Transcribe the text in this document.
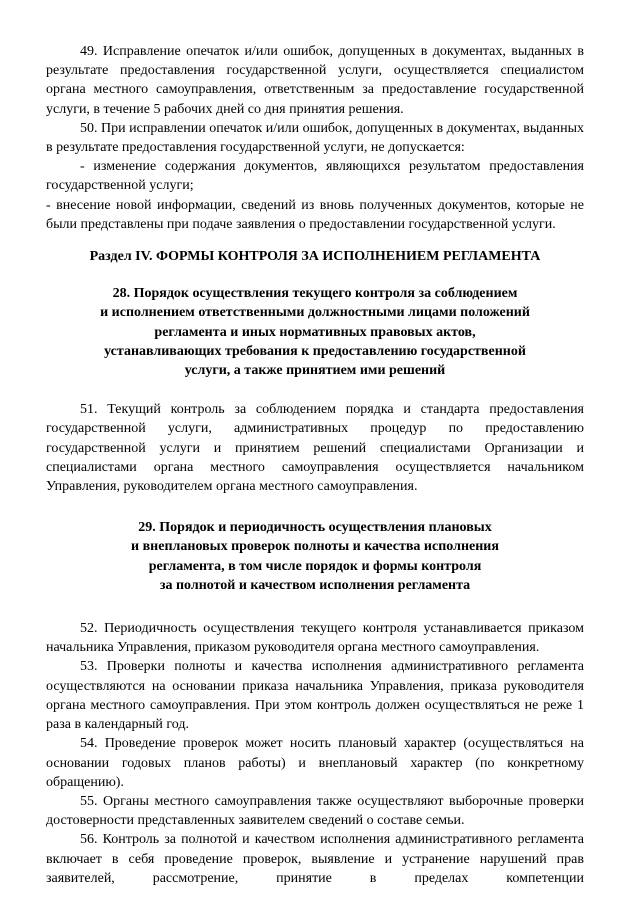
49. Исправление опечаток и/или ошибок, допущенных в документах, выданных в результате предоставления государственной услуги, осуществляется специалистом органа местного самоуправления, ответственным за предоставление государственной услуги, в течение 5 рабочих дней со дня принятия решения.

50. При исправлении опечаток и/или ошибок, допущенных в документах, выданных в результате предоставления государственной услуги, не допускается:

- изменение содержания документов, являющихся результатом предоставления государственной услуги;

- внесение новой информации, сведений из вновь полученных документов, которые не были представлены при подаче заявления о предоставлении государственной услуги.

Раздел IV. ФОРМЫ КОНТРОЛЯ ЗА ИСПОЛНЕНИЕМ РЕГЛАМЕНТА
28. Порядок осуществления текущего контроля за соблюдением
и исполнением ответственными должностными лицами положений
регламента и иных нормативных правовых актов,
устанавливающих требования к предоставлению государственной
услуги, а также принятием ими решений

51. Текущий контроль за соблюдением порядка и стандарта предоставления государственной услуги, административных процедур по предоставлению государственной услуги и принятием решений специалистами Организации и специалистами органа местного самоуправления осуществляется начальником Управления, руководителем органа местного самоуправления.

29. Порядок и периодичность осуществления плановых
и внеплановых проверок полноты и качества исполнения
регламента, в том числе порядок и формы контроля
за полнотой и качеством исполнения регламента

52. Периодичность осуществления текущего контроля устанавливается приказом начальника Управления, приказом руководителя органа местного самоуправления.

53. Проверки полноты и качества исполнения административного регламента осуществляются на основании приказа начальника Управления, приказа руководителя органа местного самоуправления. При этом контроль должен осуществляться не реже 1 раза в календарный год.

54. Проведение проверок может носить плановый характер (осуществляться на основании годовых планов работы) и внеплановый характер (по конкретному обращению).

55. Органы местного самоуправления также осуществляют выборочные проверки достоверности представленных заявителем сведений о составе семьи.

56. Контроль за полнотой и качеством исполнения административного регламента включает в себя проведение проверок, выявление и устранение нарушений прав заявителей, рассмотрение, принятие в пределах компетенции
